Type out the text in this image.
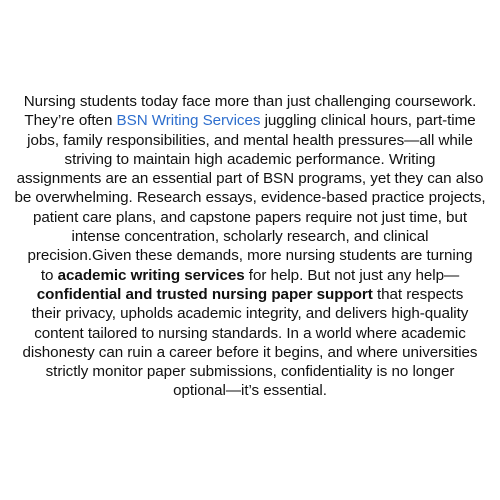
Nursing students today face more than just challenging coursework.
They’re often BSN Writing Services juggling clinical hours, part-time
jobs, family responsibilities, and mental health pressures—all while
striving to maintain high academic performance. Writing
assignments are an essential part of BSN programs, yet they can also
be overwhelming. Research essays, evidence-based practice projects,
patient care plans, and capstone papers require not just time, but
intense concentration, scholarly research, and clinical
precision.Given these demands, more nursing students are turning
to academic writing services for help. But not just any help—
confidential and trusted nursing paper support that respects
their privacy, upholds academic integrity, and delivers high-quality
content tailored to nursing standards. In a world where academic
dishonesty can ruin a career before it begins, and where universities
strictly monitor paper submissions, confidentiality is no longer
optional—it’s essential.
